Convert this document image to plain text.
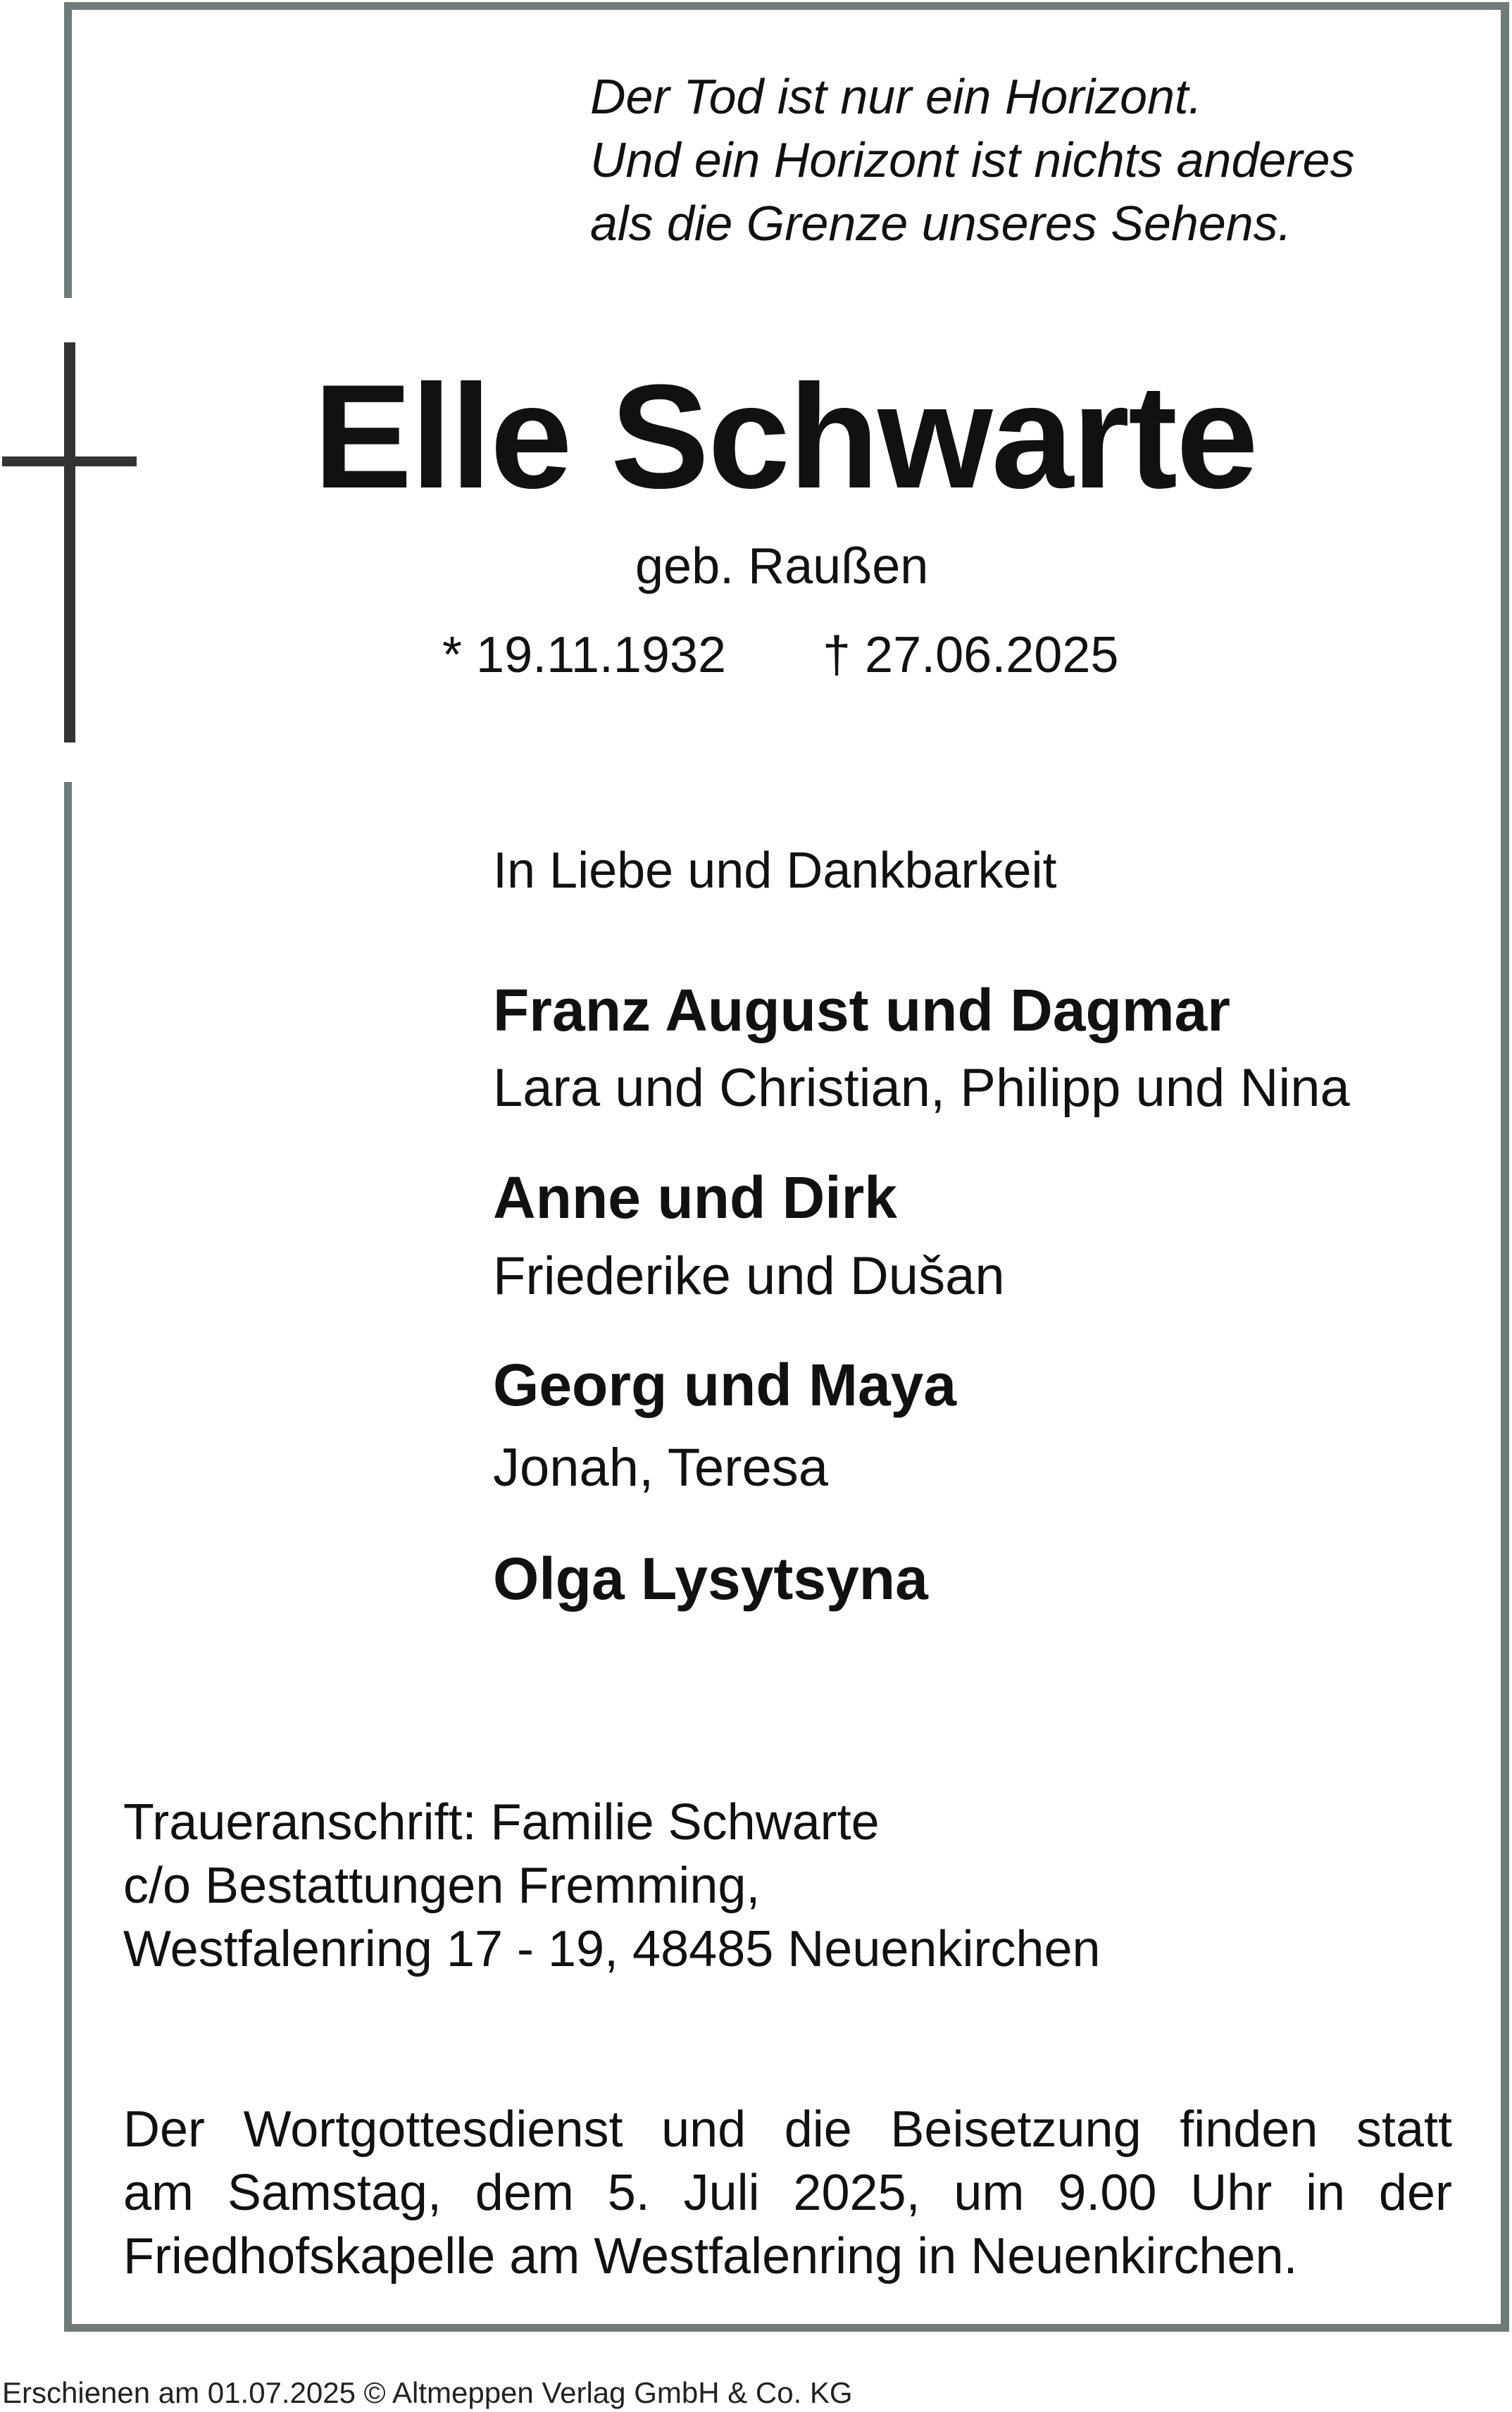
Der Tod ist nur ein Horizont.
Und ein Horizont ist nichts anderes
als die Grenze unseres Sehens.
Elle Schwarte
geb. Raußen
* 19.11.1932 † 27.06.2025
In Liebe und Dankbarkeit
Franz August und Dagmar
Lara und Christian, Philipp und Nina
Anne und Dirk
Friederike und Dušan
Georg und Maya
Jonah, Teresa
Olga Lysytsyna
Traueranschrift: Familie Schwarte
c/o Bestattungen Fremming,
Westfalenring 17 - 19, 48485 Neuenkirchen
Der Wortgottesdienst und die Beisetzung finden statt
am Samstag, dem 5. Juli 2025, um 9.00 Uhr in der
Friedhofskapelle am Westfalenring in Neuenkirchen.
Erschienen am 01.07.2025 © Altmeppen Verlag GmbH & Co. KG
